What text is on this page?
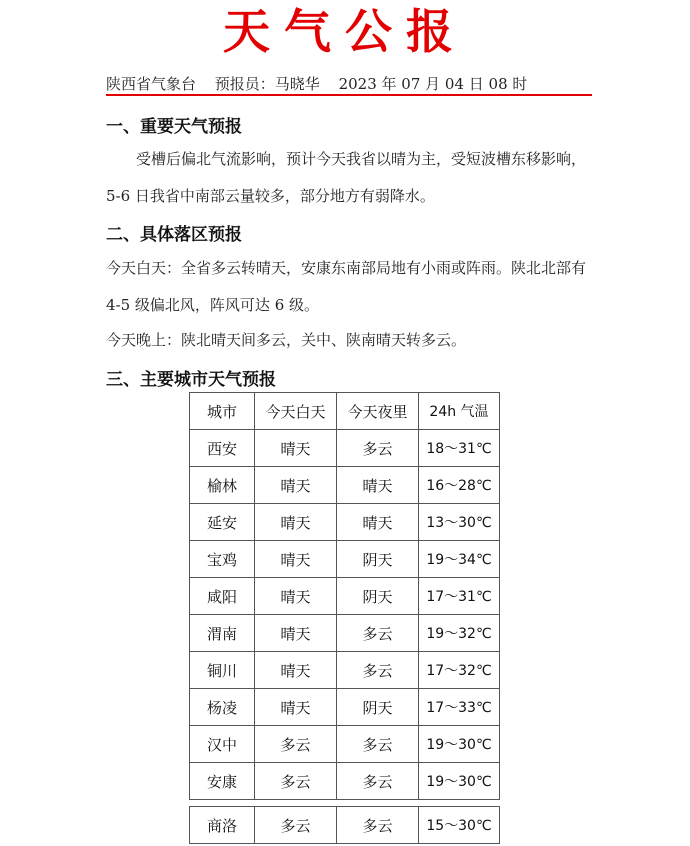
天气公报
陕西省气象台 预报员：马晓华 2023 年 07 月 04 日 08 时
一、重要天气预报
受槽后偏北气流影响，预计今天我省以晴为主，受短波槽东移影响，5-6 日我省中南部云量较多，部分地方有弱降水。
二、具体落区预报
今天白天：全省多云转晴天，安康东南部局地有小雨或阵雨。陕北北部有 4-5 级偏北风，阵风可达 6 级。
今天晚上：陕北晴天间多云，关中、陕南晴天转多云。
三、主要城市天气预报
城市	今天白天	今天夜里	24h 气温
西安	晴天	多云	18～31℃
榆林	晴天	晴天	16～28℃
延安	晴天	晴天	13～30℃
宝鸡	晴天	阴天	19～34℃
咸阳	晴天	阴天	17～31℃
渭南	晴天	多云	19～32℃
铜川	晴天	多云	17～32℃
杨凌	晴天	阴天	17～33℃
汉中	多云	多云	19～30℃
安康	多云	多云	19～30℃

商洛	多云	多云	15～30℃
